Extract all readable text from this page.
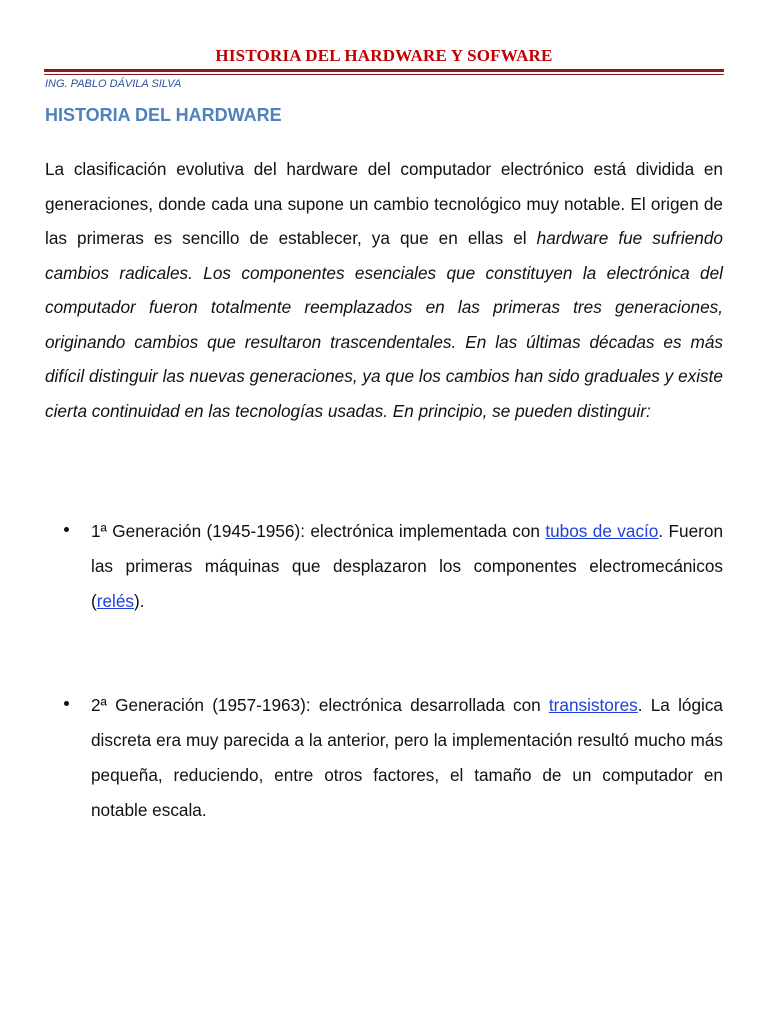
HISTORIA DEL HARDWARE Y SOFWARE
ING. PABLO DÁVILA SILVA
HISTORIA DEL HARDWARE
La clasificación evolutiva del hardware del computador electrónico está dividida en generaciones, donde cada una supone un cambio tecnológico muy notable. El origen de las primeras es sencillo de establecer, ya que en ellas el hardware fue sufriendo cambios radicales. Los componentes esenciales que constituyen la electrónica del computador fueron totalmente reemplazados en las primeras tres generaciones, originando cambios que resultaron trascendentales. En las últimas décadas es más difícil distinguir las nuevas generaciones, ya que los cambios han sido graduales y existe cierta continuidad en las tecnologías usadas. En principio, se pueden distinguir:
1ª Generación (1945-1956): electrónica implementada con tubos de vacío. Fueron las primeras máquinas que desplazaron los componentes electromecánicos (relés).
2ª Generación (1957-1963): electrónica desarrollada con transistores. La lógica discreta era muy parecida a la anterior, pero la implementación resultó mucho más pequeña, reduciendo, entre otros factores, el tamaño de un computador en notable escala.
